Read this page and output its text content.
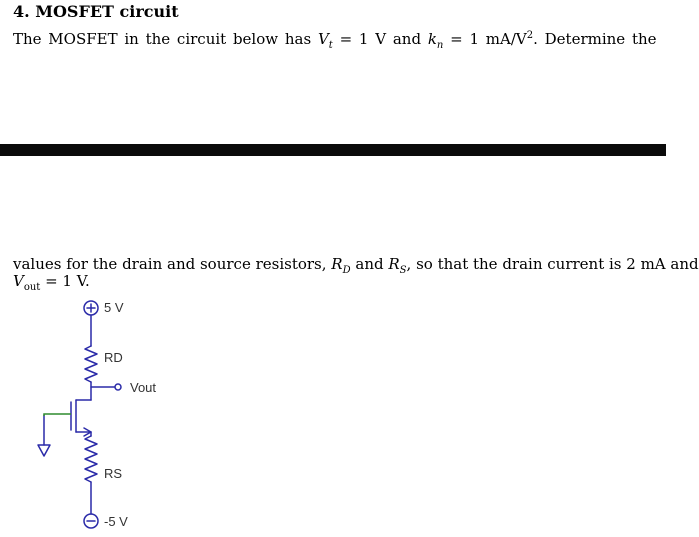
4. MOSFET circuit
The MOSFET in the circuit below has $V_t = 1$ V and $k_n = 1$ $mA/V^2$. Determine the
values for the drain and source resistors, $R_D$ and $R_S$, so that the drain current is 2 mA and
$V_{out} = 1$ V.
5 V
RD
Vout
RS
-5 V
